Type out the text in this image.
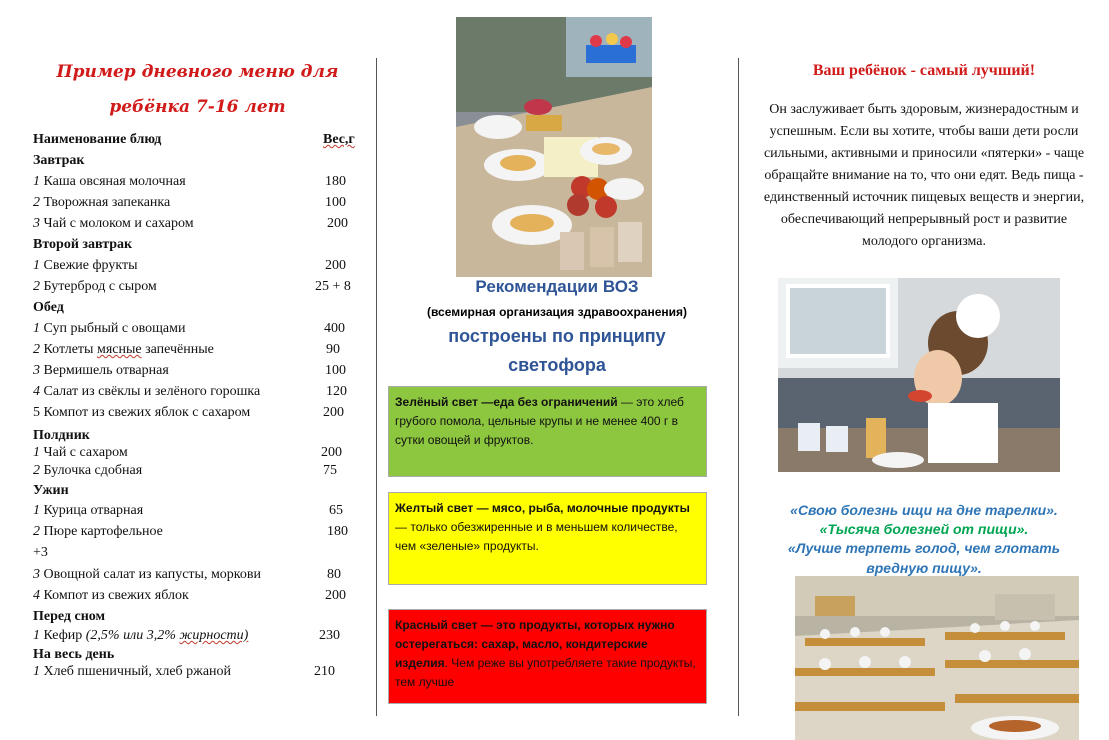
Пример дневного меню для
ребёнка 7-16 лет
Наименование блюд	Вес,г
Завтрак
1 Каша овсяная молочная	180
2 Творожная запеканка	100
3 Чай с молоком и сахаром	200
Второй завтрак
1 Свежие фрукты	200
2 Бутерброд с сыром	25 + 8
Обед
1 Суп рыбный с овощами	400
2 Котлеты мясные запечённые	90
3 Вермишель отварная	100
4 Салат из свёклы и зелёного горошка	120
5 Компот из свежих яблок с сахаром	200
Полдник
1 Чай с сахаром	200
2 Булочка сдобная	75
Ужин
1 Курица отварная	65
2 Пюре картофельное	180
+3
3 Овощной салат из капусты, моркови	80
4 Компот из свежих яблок	200
Перед сном
1 Кефир (2,5% или 3,2% жирности)	230
На весь день
1 Хлеб пшеничный, хлеб ржаной	210
Рекомендации ВОЗ
(всемирная организация здравоохранения)
построены по принципу
светофора
Зелёный свет —еда без ограничений — это хлеб грубого помола, цельные крупы и не менее 400 г в сутки овощей и фруктов.
Желтый свет — мясо, рыба, молочные продукты — только обезжиренные и в меньшем количестве, чем «зеленые» продукты.
Красный свет — это продукты, которых нужно остерегаться: сахар, масло, кондитерские изделия. Чем реже вы употребляете такие продукты, тем лучше
Ваш ребёнок - самый лучший!
Он заслуживает быть здоровым, жизнерадостным и успешным. Если вы хотите, чтобы ваши дети росли сильными, активными и приносили «пятерки» - чаще обращайте внимание на то, что они едят. Ведь пища - единственный источник пищевых веществ и энергии, обеспечивающий непрерывный рост и развитие молодого организма.
«Свою болезнь ищи на дне тарелки».
«Тысяча болезней от пищи».
«Лучше терпеть голод, чем глотать вредную пищу».
